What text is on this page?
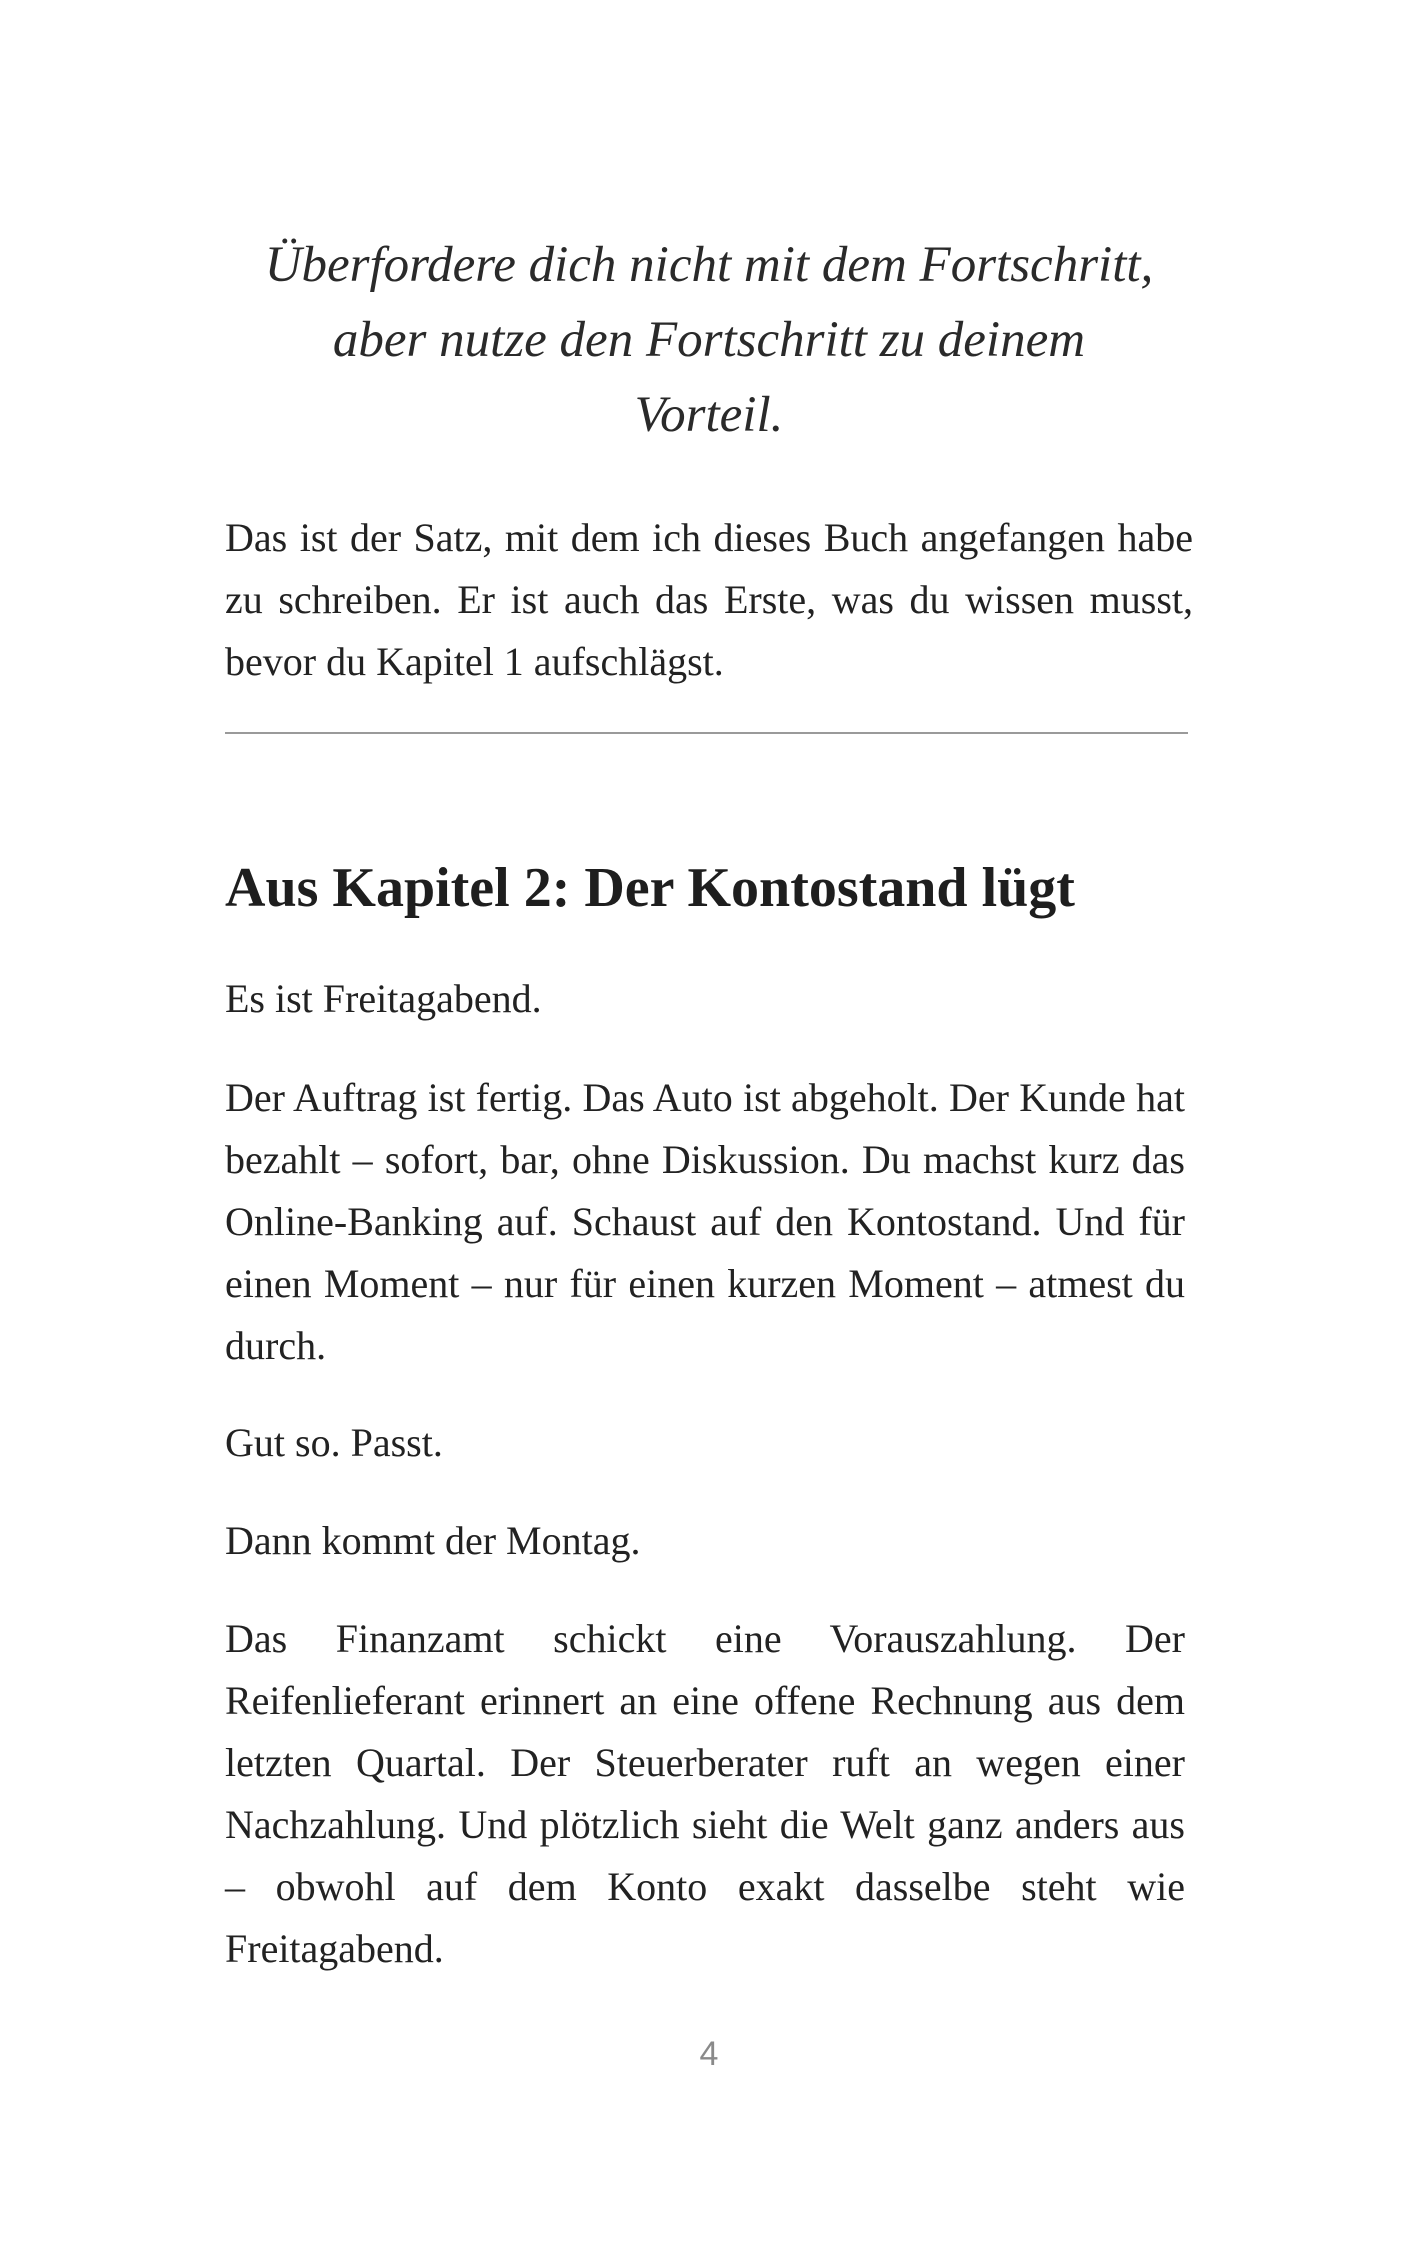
Überfordere dich nicht mit dem Fortschritt,
aber nutze den Fortschritt zu deinem
Vorteil.

Das ist der Satz, mit dem ich dieses Buch angefangen habe zu schreiben. Er ist auch das Erste, was du wissen musst, bevor du Kapitel 1 aufschlägst.

Aus Kapitel 2: Der Kontostand lügt

Es ist Freitagabend.

Der Auftrag ist fertig. Das Auto ist abgeholt. Der Kunde hat bezahlt – sofort, bar, ohne Diskussion. Du machst kurz das Online-Banking auf. Schaust auf den Kontostand. Und für einen Moment – nur für einen kurzen Moment – atmest du durch.

Gut so. Passt.

Dann kommt der Montag.

Das Finanzamt schickt eine Vorauszahlung. Der Reifenlieferant erinnert an eine offene Rechnung aus dem letzten Quartal. Der Steuerberater ruft an wegen einer Nachzahlung. Und plötzlich sieht die Welt ganz anders aus – obwohl auf dem Konto exakt dasselbe steht wie Freitagabend.

4
